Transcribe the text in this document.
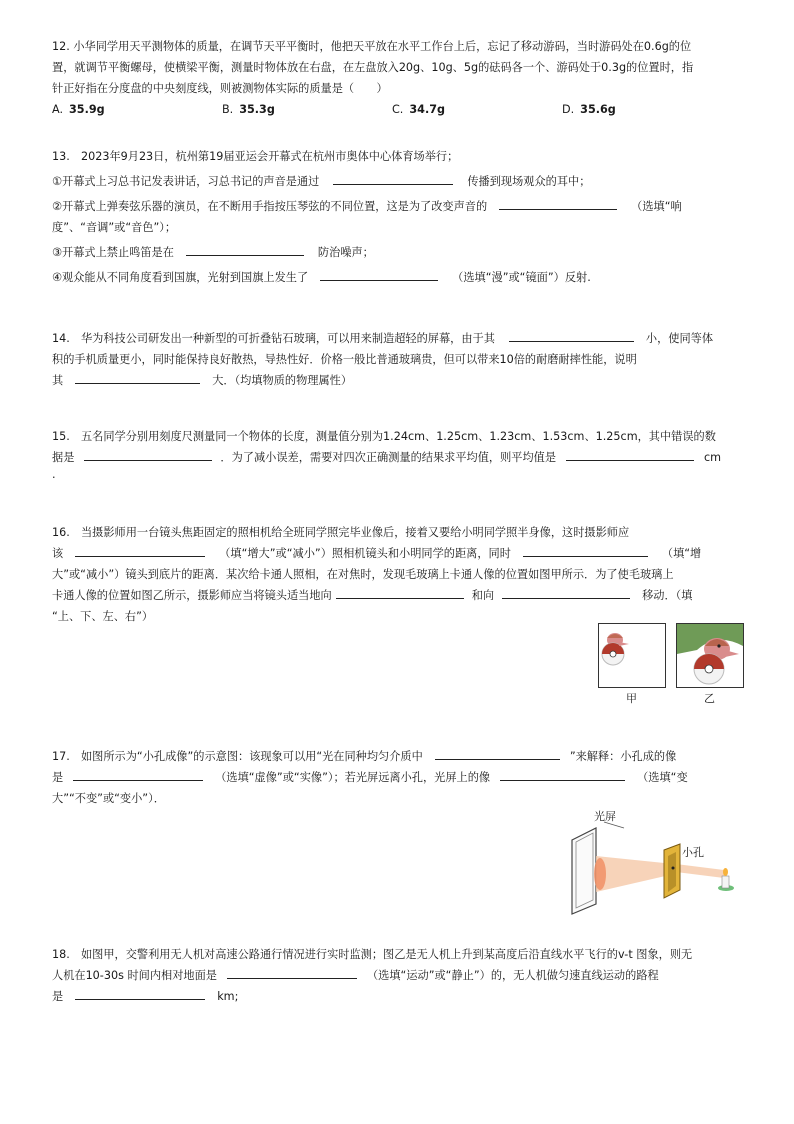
12. 小华同学用天平测物体的质量，在调节天平平衡时，他把天平放在水平工作台上后，忘记了移动游码，当时游码处在0.6g的位

置，就调节平衡螺母，使横梁平衡，测量时物体放在右盘，在左盘放入20g、10g、5g的砝码各一个、游码处于0.3g的位置时，指

针正好指在分度盘的中央刻度线，则被测物体实际的质量是（　　）

A. 35.9g	B. 35.3g	C. 34.7g	D. 35.6g

13.　2023年9月23日，杭州第19届亚运会开幕式在杭州市奥体中心体育场举行；

①开幕式上习总书记发表讲话，习总书记的声音是通过	传播到现场观众的耳中；

②开幕式上弹奏弦乐器的演员，在不断用手指按压琴弦的不同位置，这是为了改变声音的	（选填“响

度”、“音调”或“音色”）；

③开幕式上禁止鸣笛是在	防治噪声；

④观众能从不同角度看到国旗，光射到国旗上发生了	（选填“漫”或“镜面”）反射.

14.　华为科技公司研发出一种新型的可折叠钻石玻璃，可以用来制造超轻的屏幕，由于其	小，使同等体

积的手机质量更小，同时能保持良好散热，导热性好．价格一般比普通玻璃贵，但可以带来10倍的耐磨耐摔性能，说明

其	大．（均填物质的物理属性）

15.　五名同学分别用刻度尺测量同一个物体的长度，测量值分别为1.24cm、1.25cm、1.23cm、1.53cm、1.25cm，其中错误的数

据是	．为了减小误差，需要对四次正确测量的结果求平均值，则平均值是	cm

.

16.　当摄影师用一台镜头焦距固定的照相机给全班同学照完毕业像后，接着又要给小明同学照半身像，这时摄影师应

该	（填“增大”或“减小”）照相机镜头和小明同学的距离，同时	（填“增

大”或“减小”）镜头到底片的距离．某次给卡通人照相，在对焦时，发现毛玻璃上卡通人像的位置如图甲所示．为了使毛玻璃上

卡通人像的位置如图乙所示，摄影师应当将镜头适当地向	和向	移动．（填

“上、下、左、右”）

甲	乙

17.　如图所示为“小孔成像”的示意图：该现象可以用“光在同种均匀介质中	”来解释：小孔成的像

是	（选填“虚像”或“实像”）；若光屏远离小孔，光屏上的像	（选填“变

大”“不变”或“变小”）．

光屏
小孔

18.　如图甲，交警利用无人机对高速公路通行情况进行实时监测；图乙是无人机上升到某高度后沿直线水平飞行的v-t 图象，则无

人机在10-30s 时间内相对地面是	（选填“运动”或“静止”）的，无人机做匀速直线运动的路程

是	km;
